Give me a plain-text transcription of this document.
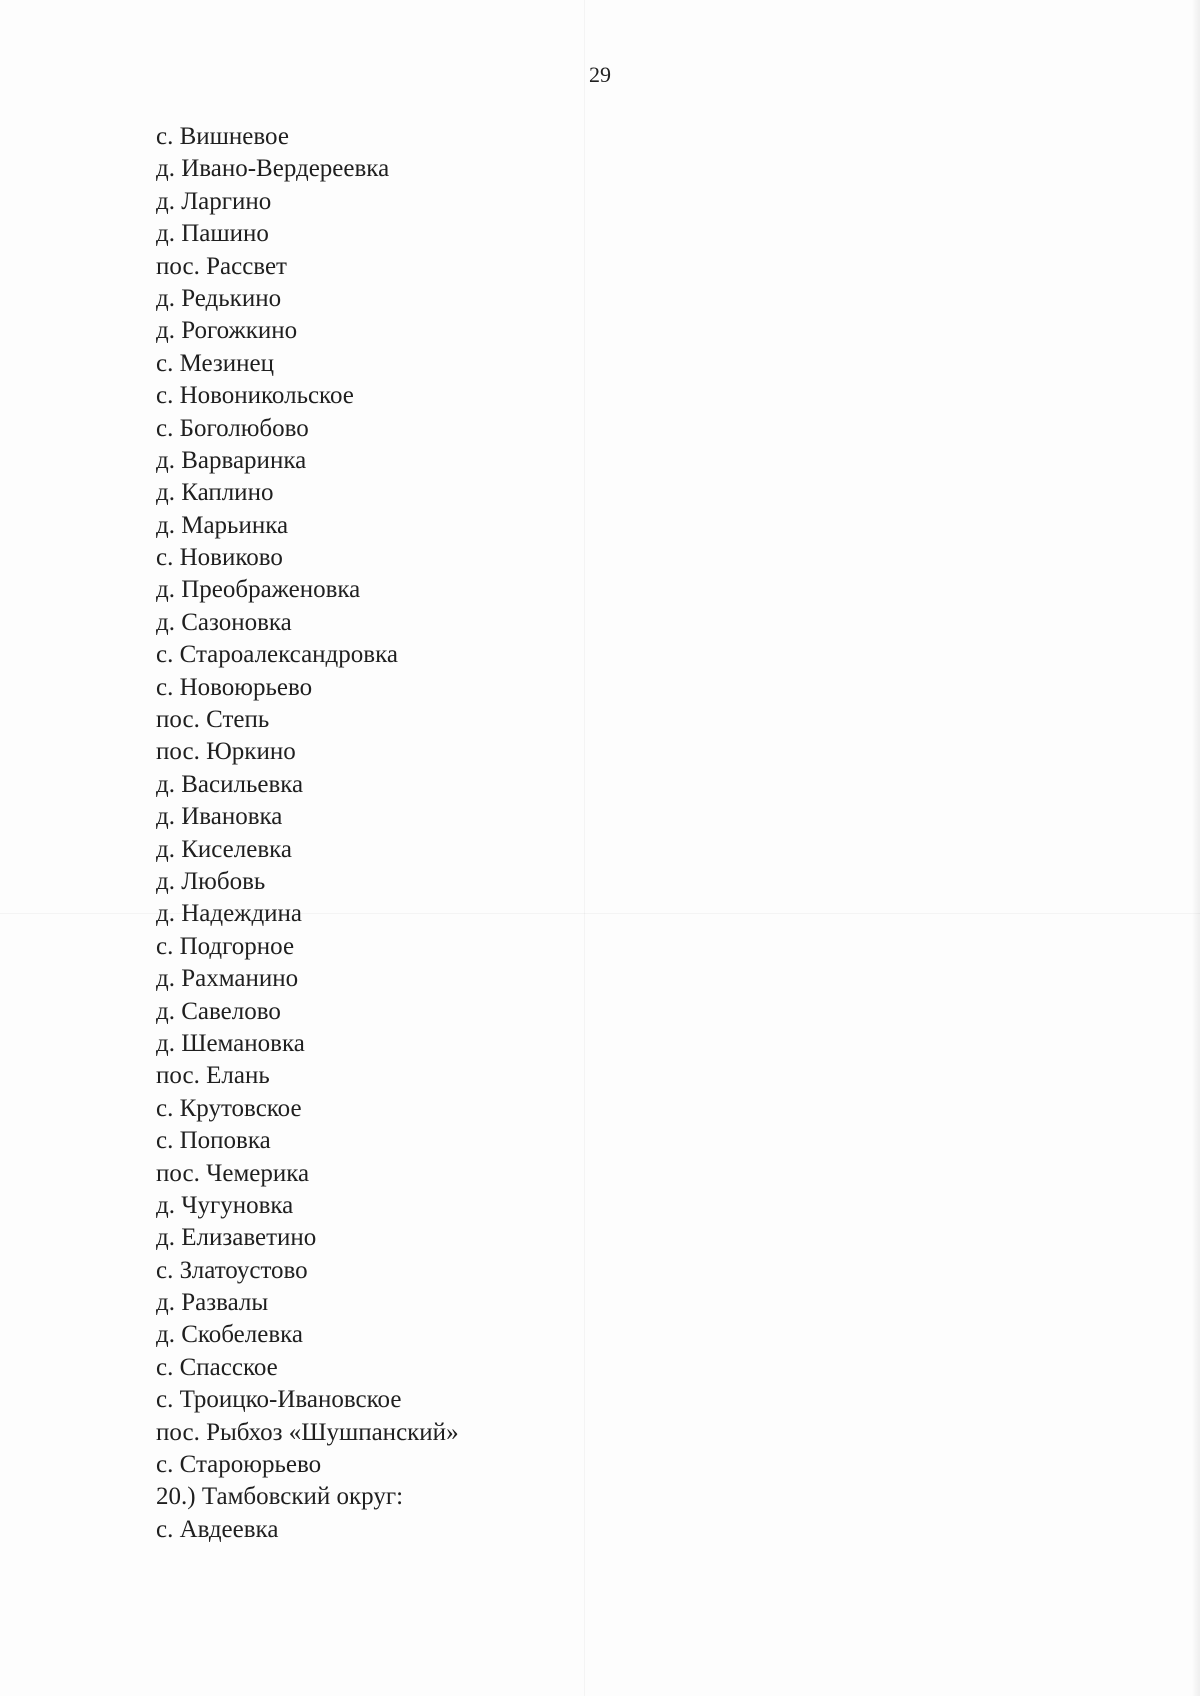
29
с. Вишневое
д. Ивано-Вердереевка
д. Ларгино
д. Пашино
пос. Рассвет
д. Редькино
д. Рогожкино
с. Мезинец
с. Новоникольское
с. Боголюбово
д. Варваринка
д. Каплино
д. Марьинка
с. Новиково
д. Преображеновка
д. Сазоновка
с. Староалександровка
с. Новоюрьево
пос. Степь
пос. Юркино
д. Васильевка
д. Ивановка
д. Киселевка
д. Любовь
д. Надеждина
с. Подгорное
д. Рахманино
д. Савелово
д. Шемановка
пос. Елань
с. Крутовское
с. Поповка
пос. Чемерика
д. Чугуновка
д. Елизаветино
с. Златоустово
д. Развалы
д. Скобелевка
с. Спасское
с. Троицко-Ивановское
пос. Рыбхоз «Шушпанский»
с. Староюрьево
20.) Тамбовский округ:
с. Авдеевка
